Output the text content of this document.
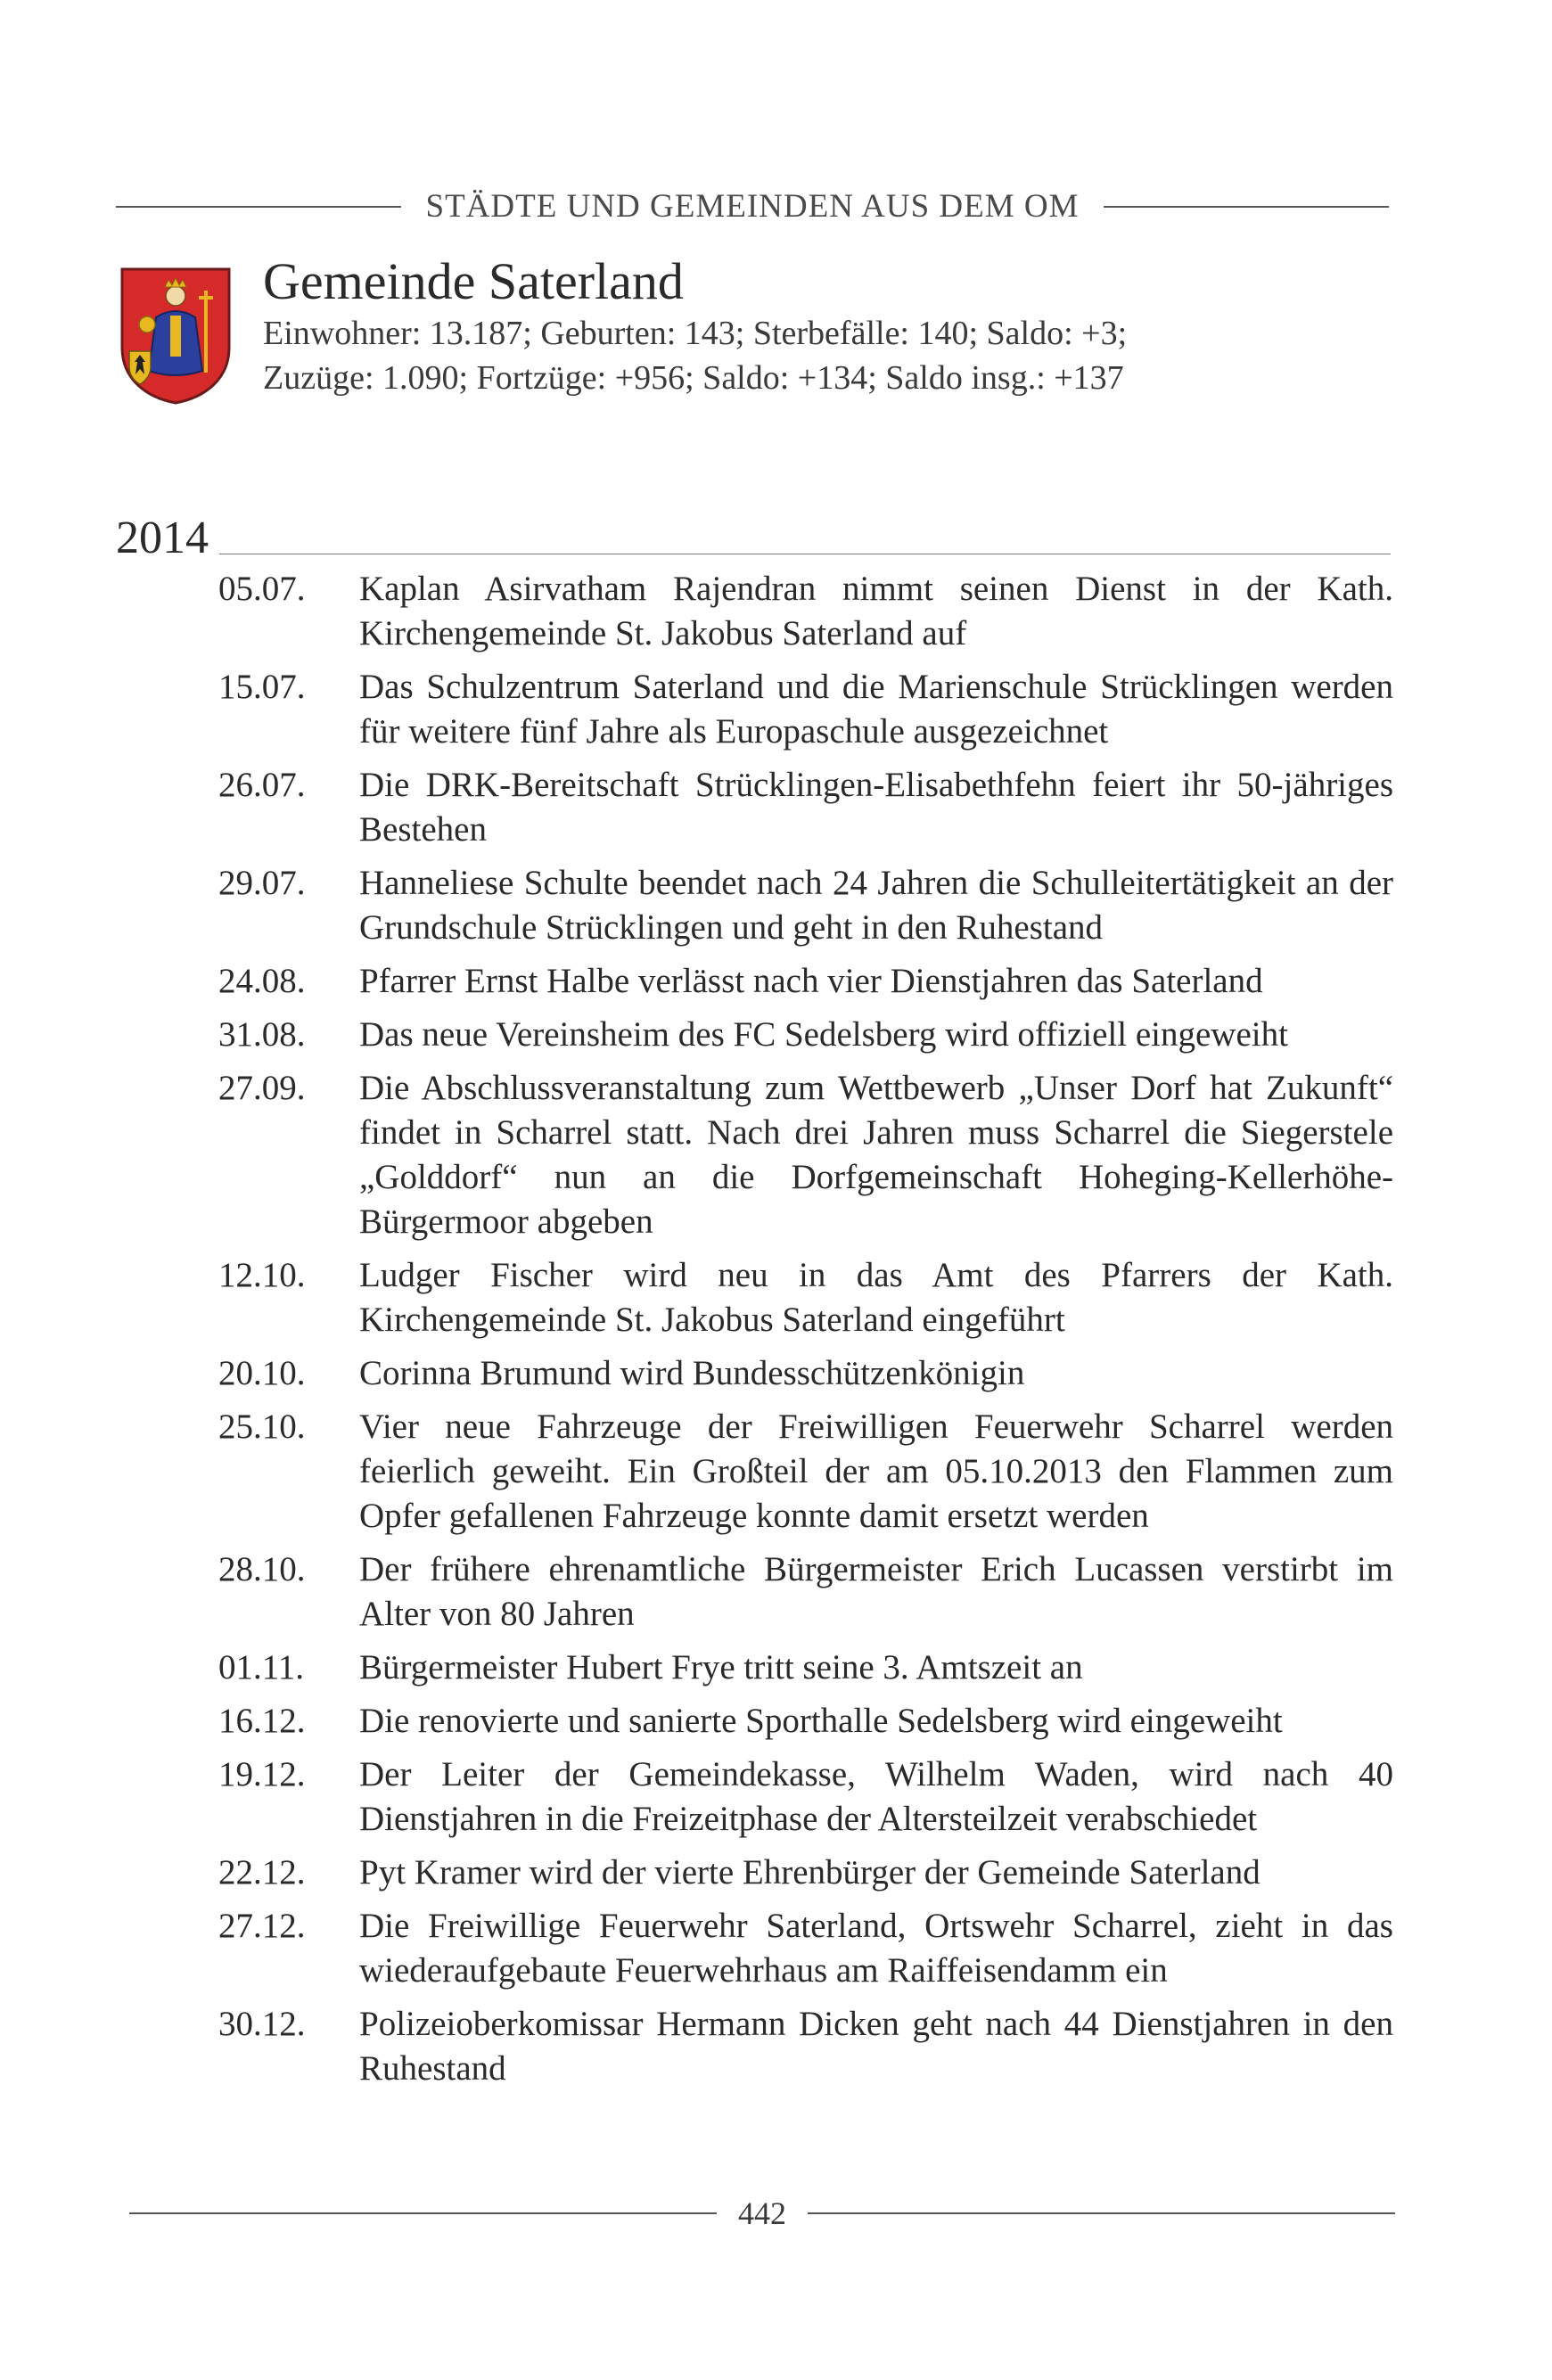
STÄDTE UND GEMEINDEN AUS DEM OM
Gemeinde Saterland
Einwohner: 13.187; Geburten: 143; Sterbefälle: 140; Saldo: +3;
Zuzüge: 1.090; Fortzüge: +956; Saldo: +134; Saldo insg.: +137
2014
05.07.	Kaplan Asirvatham Rajendran nimmt seinen Dienst in der Kath. Kirchengemeinde St. Jakobus Saterland auf
15.07.	Das Schulzentrum Saterland und die Marienschule Strücklingen werden für weitere fünf Jahre als Europaschule ausgezeichnet
26.07.	Die DRK-Bereitschaft Strücklingen-Elisabethfehn feiert ihr 50-jähriges Bestehen
29.07.	Hanneliese Schulte beendet nach 24 Jahren die Schulleitertätigkeit an der Grundschule Strücklingen und geht in den Ruhestand
24.08.	Pfarrer Ernst Halbe verlässt nach vier Dienstjahren das Saterland
31.08.	Das neue Vereinsheim des FC Sedelsberg wird offiziell eingeweiht
27.09.	Die Abschlussveranstaltung zum Wettbewerb „Unser Dorf hat Zukunft“ findet in Scharrel statt. Nach drei Jahren muss Scharrel die Siegerstele „Golddorf“ nun an die Dorfgemeinschaft Hoheging-Kellerhöhe-Bürgermoor abgeben
12.10.	Ludger Fischer wird neu in das Amt des Pfarrers der Kath. Kirchengemeinde St. Jakobus Saterland eingeführt
20.10.	Corinna Brumund wird Bundesschützenkönigin
25.10.	Vier neue Fahrzeuge der Freiwilligen Feuerwehr Scharrel werden feierlich geweiht. Ein Großteil der am 05.10.2013 den Flammen zum Opfer gefallenen Fahrzeuge konnte damit ersetzt werden
28.10.	Der frühere ehrenamtliche Bürgermeister Erich Lucassen verstirbt im Alter von 80 Jahren
01.11.	Bürgermeister Hubert Frye tritt seine 3. Amtszeit an
16.12.	Die renovierte und sanierte Sporthalle Sedelsberg wird eingeweiht
19.12.	Der Leiter der Gemeindekasse, Wilhelm Waden, wird nach 40 Dienstjahren in die Freizeitphase der Altersteilzeit verabschiedet
22.12.	Pyt Kramer wird der vierte Ehrenbürger der Gemeinde Saterland
27.12.	Die Freiwillige Feuerwehr Saterland, Ortswehr Scharrel, zieht in das wiederaufgebaute Feuerwehrhaus am Raiffeisendamm ein
30.12.	Polizeioberkomissar Hermann Dicken geht nach 44 Dienstjahren in den Ruhestand
442
